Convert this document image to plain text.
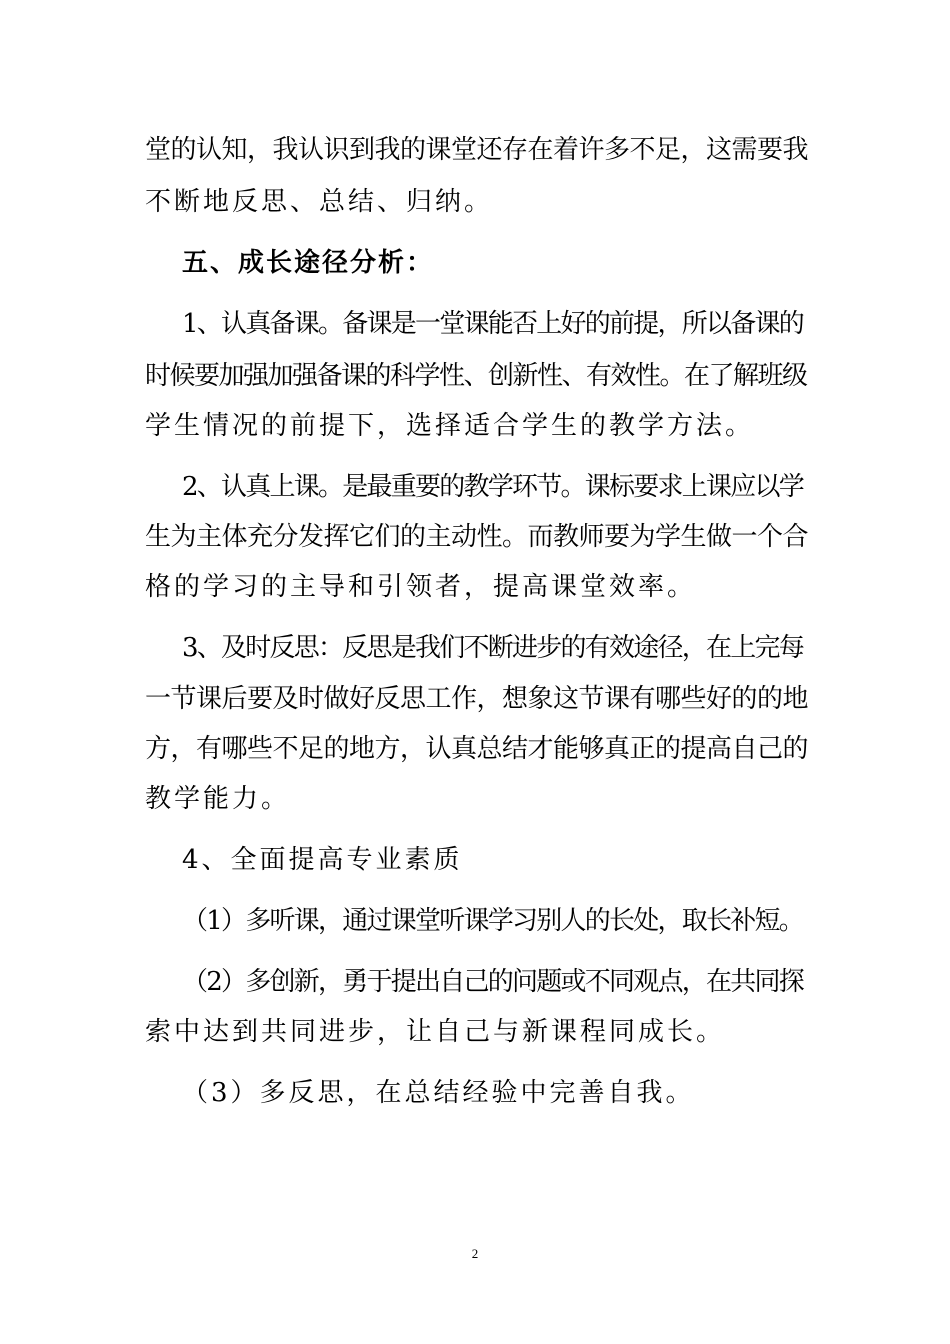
堂的认知，我认识到我的课堂还存在着许多不足，这需要我
不断地反思、总结、归纳。
五、成长途径分析：
1、认真备课。备课是一堂课能否上好的前提，所以备课的
时候要加强加强备课的科学性、创新性、有效性。在了解班级
学生情况的前提下，选择适合学生的教学方法。
2、认真上课。是最重要的教学环节。课标要求上课应以学
生为主体充分发挥它们的主动性。而教师要为学生做一个合
格的学习的主导和引领者，提高课堂效率。
3、及时反思：反思是我们不断进步的有效途径，在上完每
一节课后要及时做好反思工作，想象这节课有哪些好的的地
方，有哪些不足的地方，认真总结才能够真正的提高自己的
教学能力。
4、全面提高专业素质
（1）多听课，通过课堂听课学习别人的长处，取长补短。
（2）多创新，勇于提出自己的问题或不同观点，在共同探
索中达到共同进步，让自己与新课程同成长。
（3）多反思，在总结经验中完善自我。
2
